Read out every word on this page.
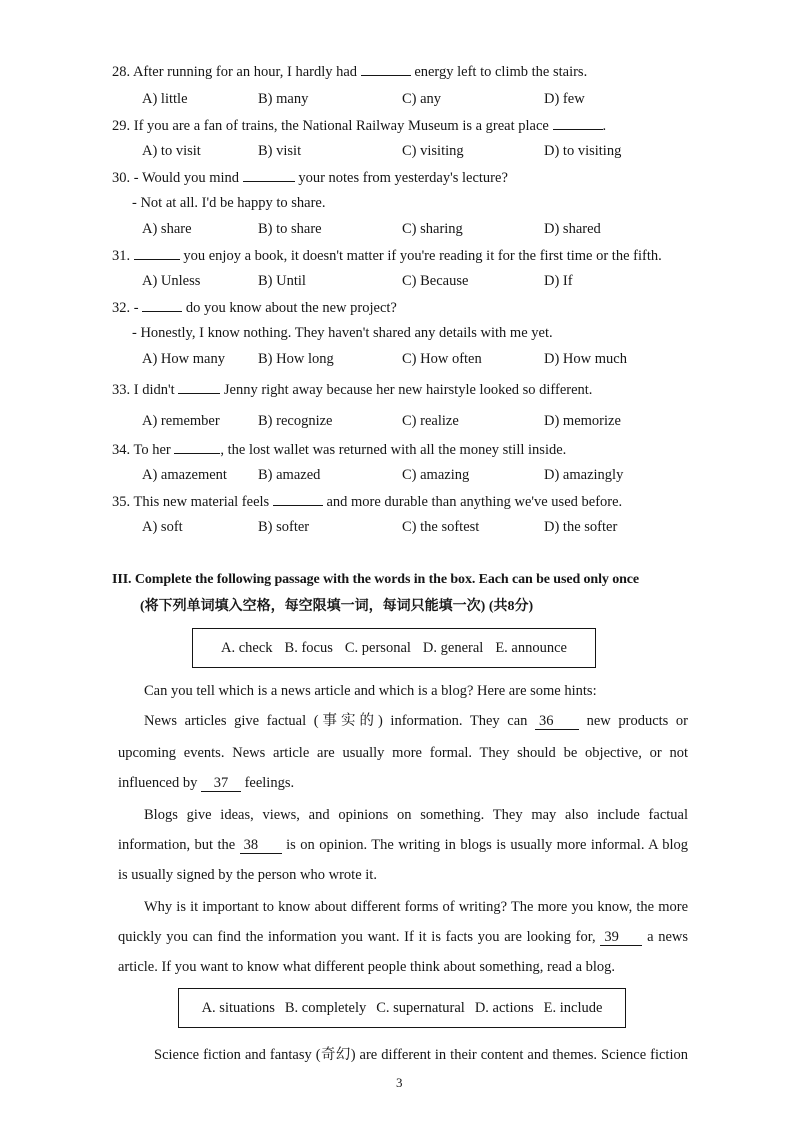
28. After running for an hour, I hardly had	energy left to climb the stairs.
A) little	B) many	C) any	D) few
29. If you are a fan of trains, the National Railway Museum is a great place	.
A) to visit	B) visit	C) visiting	D) to visiting
30. - Would you mind	your notes from yesterday's lecture?
- Not at all. I'd be happy to share.
A) share	B) to share	C) sharing	D) shared
31.	you enjoy a book, it doesn't matter if you're reading it for the first time or the fifth.
A) Unless	B) Until	C) Because	D) If
32. -	do you know about the new project?
- Honestly, I know nothing. They haven't shared any details with me yet.
A) How many B) How long	C) How often	D) How much
33. I didn't	Jenny right away because her new hairstyle looked so different.
A) remember	B) recognize	C) realize	D) memorize
34. To her	, the lost wallet was returned with all the money still inside.
A) amazement B) amazed	C) amazing	D) amazingly
35. This new material feels	and more durable than anything we've used before.
A) soft	B) softer	C) the softest	D) the softer
III. Complete the following passage with the words in the box. Each can be used only once
(将下列单词填入空格，每空限填一词，每词只能填一次) (共8分)
A. check B. focus C. personal D. general E. announce
Can you tell which is a news article and which is a blog? Here are some hints:
News articles give factual (事实的) information. They can 36 new products or
upcoming events. News article are usually more formal. They should be objective, or not
influenced by 37 feelings.
Blogs give ideas, views, and opinions on something. They may also include factual
information, but the 38 is on opinion. The writing in blogs is usually more informal. A blog
is usually signed by the person who wrote it.
Why is it important to know about different forms of writing? The more you know, the more
quickly you can find the information you want. If it is facts you are looking for, 39 a news
article. If you want to know what different people think about something, read a blog.
A. situations B. completely C. supernatural D. actions E. include
Science fiction and fantasy (奇幻) are different in their content and themes. Science fiction
3
